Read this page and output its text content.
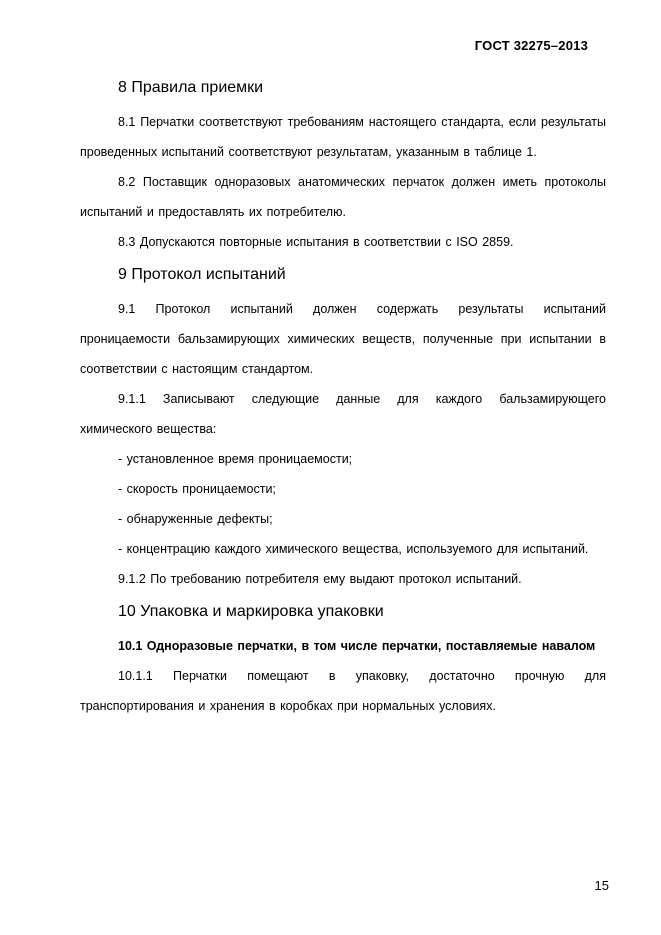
ГОСТ 32275–2013
8 Правила приемки

8.1 Перчатки соответствуют требованиям настоящего стандарта, если результаты проведенных испытаний соответствуют результатам, указанным в таблице 1.

8.2 Поставщик одноразовых анатомических перчаток должен иметь протоколы испытаний и предоставлять их потребителю.

8.3 Допускаются повторные испытания в соответствии с ISO 2859.

9 Протокол испытаний

9.1 Протокол испытаний должен содержать результаты испытаний проницаемости бальзамирующих химических веществ, полученные при испытании в соответствии с настоящим стандартом.

9.1.1 Записывают следующие данные для каждого бальзамирующего химического вещества:

- установленное время проницаемости;

- скорость проницаемости;

- обнаруженные дефекты;

- концентрацию каждого химического вещества, используемого для испытаний.

9.1.2 По требованию потребителя ему выдают протокол испытаний.

10 Упаковка и маркировка упаковки

10.1 Одноразовые перчатки, в том числе перчатки, поставляемые навалом

10.1.1 Перчатки помещают в упаковку, достаточно прочную для транспортирования и хранения в коробках при нормальных условиях.

15
